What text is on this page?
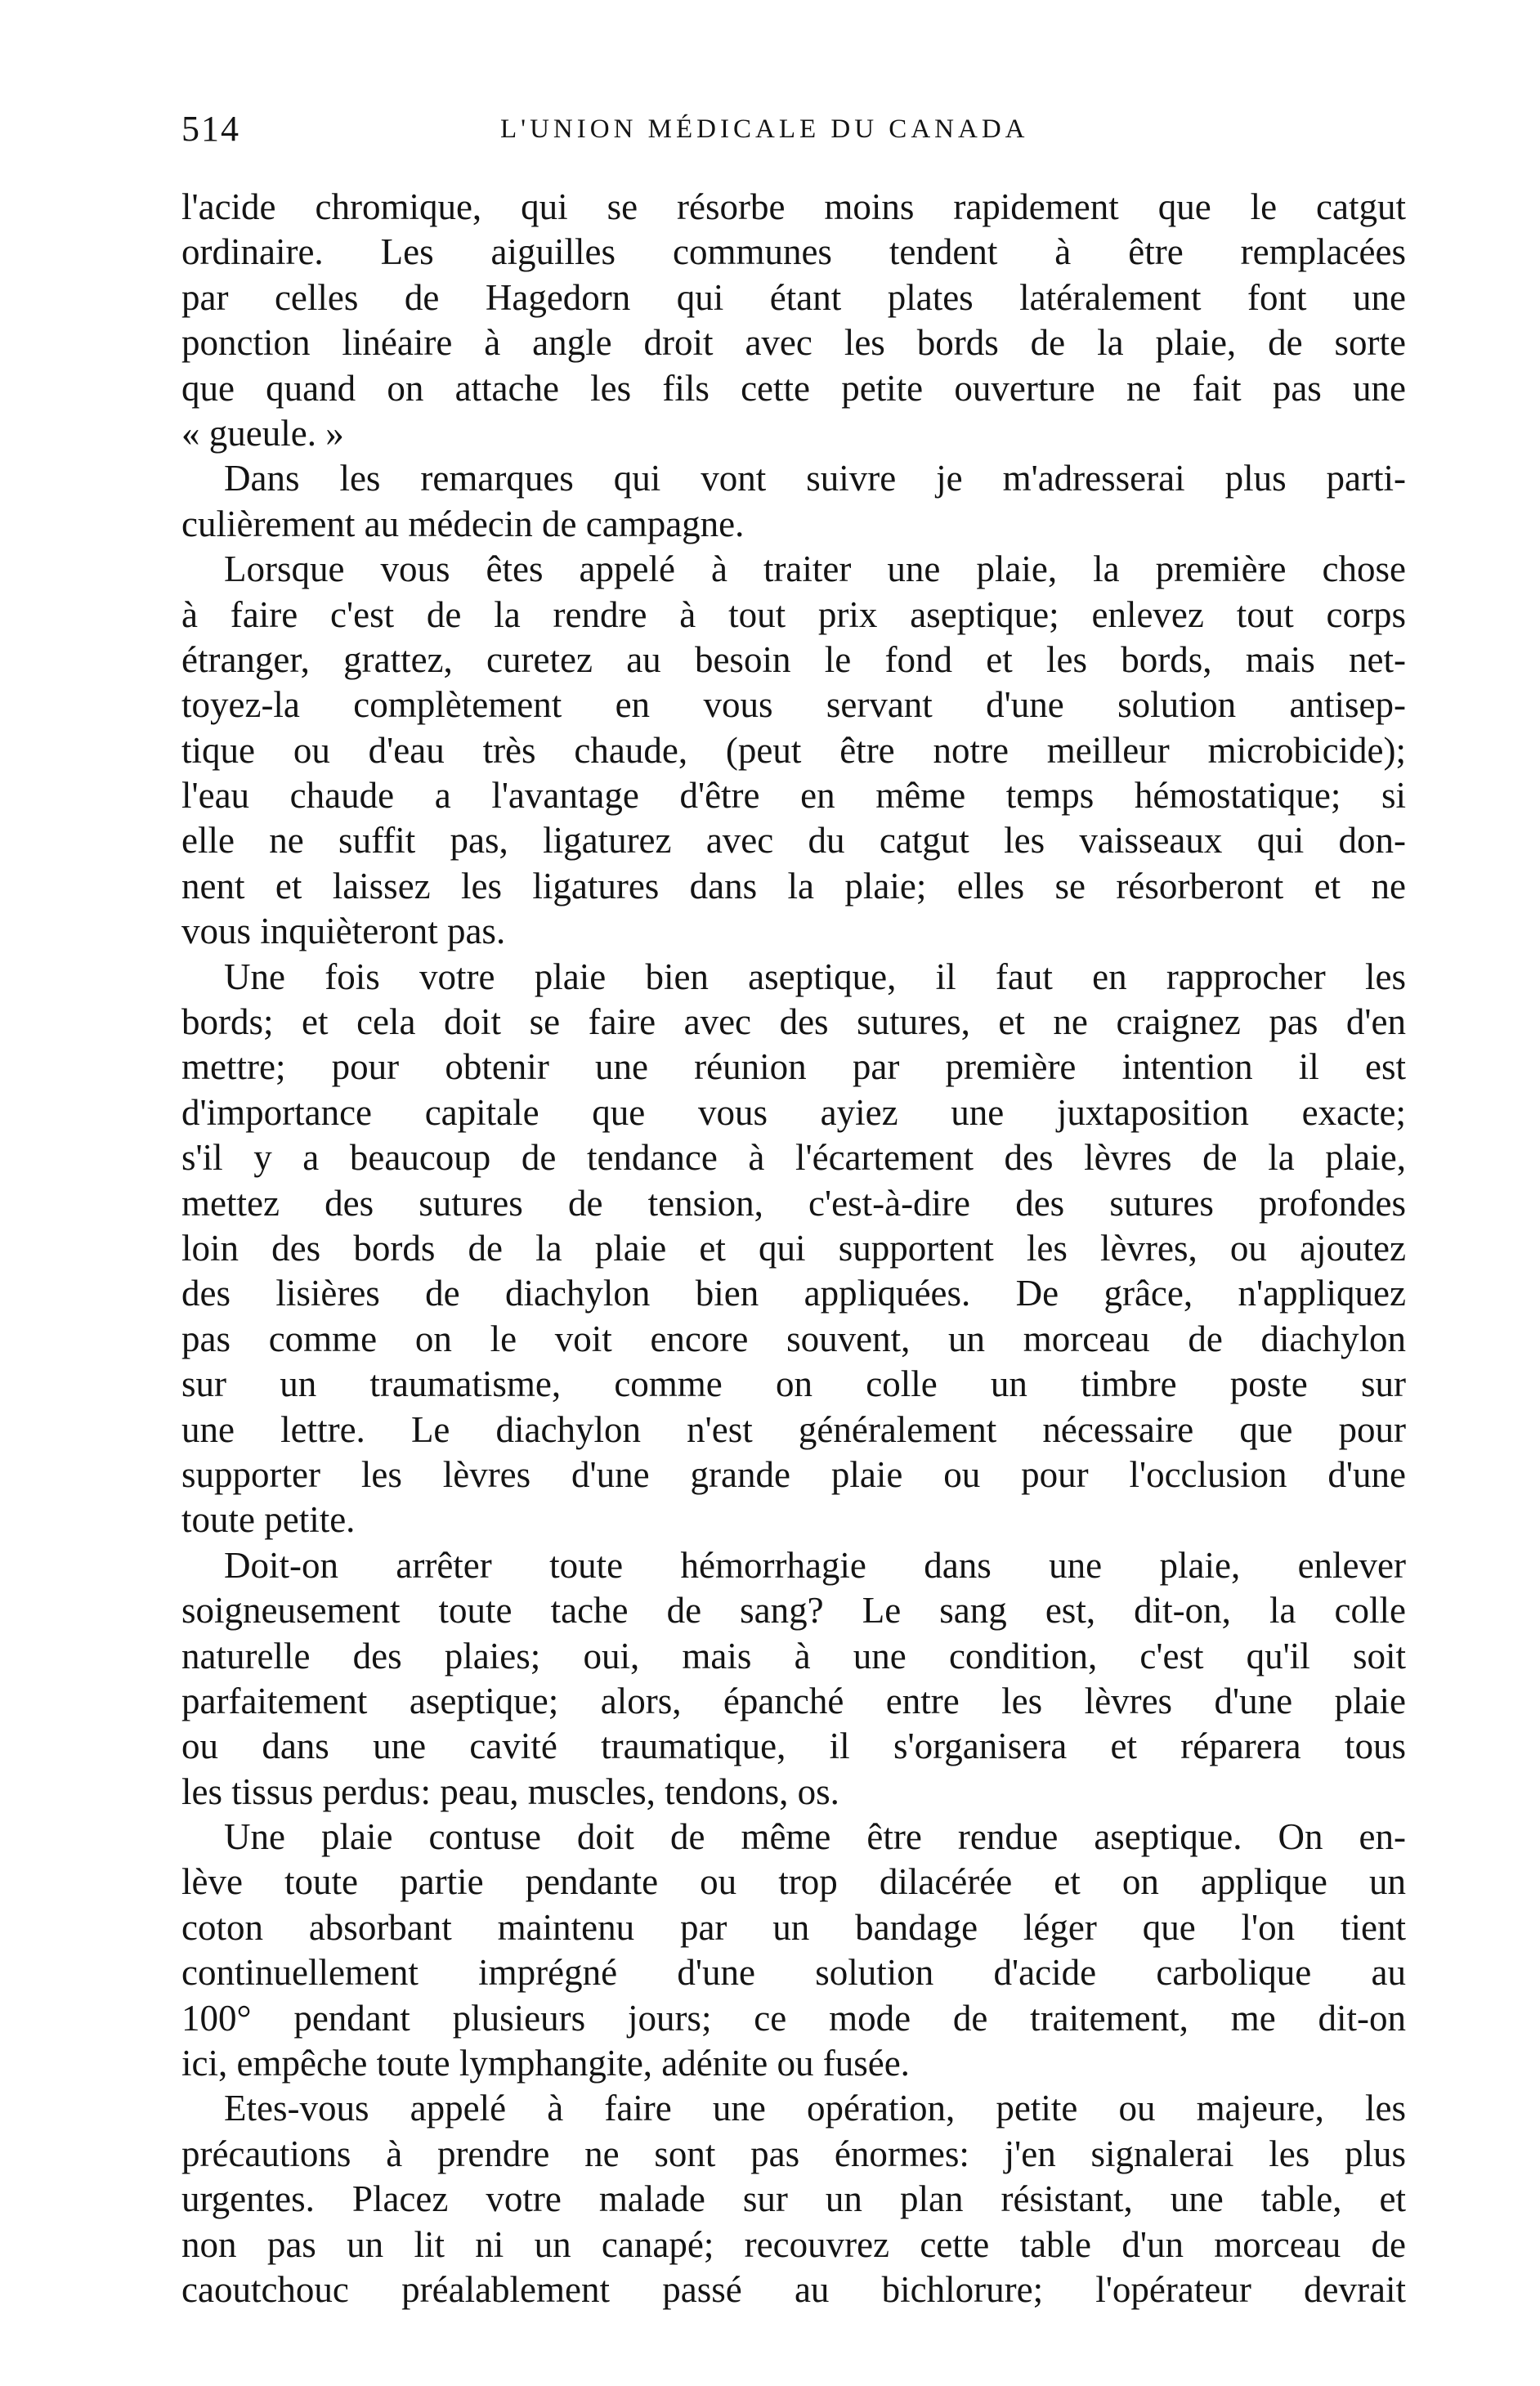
514	L'UNION MÉDICALE DU CANADA
l'acide chromique, qui se résorbe moins rapidement que le catgut
ordinaire. Les aiguilles communes tendent à être remplacées
par celles de Hagedorn qui étant plates latéralement font une
ponction linéaire à angle droit avec les bords de la plaie, de sorte
que quand on attache les fils cette petite ouverture ne fait pas une
« gueule. »
Dans les remarques qui vont suivre je m'adresserai plus parti-
culièrement au médecin de campagne.
Lorsque vous êtes appelé à traiter une plaie, la première chose
à faire c'est de la rendre à tout prix aseptique; enlevez tout corps
étranger, grattez, curetez au besoin le fond et les bords, mais net-
toyez-la complètement en vous servant d'une solution antisep-
tique ou d'eau très chaude, (peut être notre meilleur microbicide);
l'eau chaude a l'avantage d'être en même temps hémostatique; si
elle ne suffit pas, ligaturez avec du catgut les vaisseaux qui don-
nent et laissez les ligatures dans la plaie; elles se résorberont et ne
vous inquièteront pas.
Une fois votre plaie bien aseptique, il faut en rapprocher les
bords; et cela doit se faire avec des sutures, et ne craignez pas d'en
mettre; pour obtenir une réunion par première intention il est
d'importance capitale que vous ayiez une juxtaposition exacte;
s'il y a beaucoup de tendance à l'écartement des lèvres de la plaie,
mettez des sutures de tension, c'est-à-dire des sutures profondes
loin des bords de la plaie et qui supportent les lèvres, ou ajoutez
des lisières de diachylon bien appliquées. De grâce, n'appliquez
pas comme on le voit encore souvent, un morceau de diachylon
sur un traumatisme, comme on colle un timbre poste sur
une lettre. Le diachylon n'est généralement nécessaire que pour
supporter les lèvres d'une grande plaie ou pour l'occlusion d'une
toute petite.
Doit-on arrêter toute hémorrhagie dans une plaie, enlever
soigneusement toute tache de sang? Le sang est, dit-on, la colle
naturelle des plaies; oui, mais à une condition, c'est qu'il soit
parfaitement aseptique; alors, épanché entre les lèvres d'une plaie
ou dans une cavité traumatique, il s'organisera et réparera tous
les tissus perdus: peau, muscles, tendons, os.
Une plaie contuse doit de même être rendue aseptique. On en-
lève toute partie pendante ou trop dilacérée et on applique un
coton absorbant maintenu par un bandage léger que l'on tient
continuellement imprégné d'une solution d'acide carbolique au
100° pendant plusieurs jours; ce mode de traitement, me dit-on
ici, empêche toute lymphangite, adénite ou fusée.
Etes-vous appelé à faire une opération, petite ou majeure, les
précautions à prendre ne sont pas énormes: j'en signalerai les plus
urgentes. Placez votre malade sur un plan résistant, une table, et
non pas un lit ni un canapé; recouvrez cette table d'un morceau de
caoutchouc préalablement passé au bichlorure; l'opérateur devrait
